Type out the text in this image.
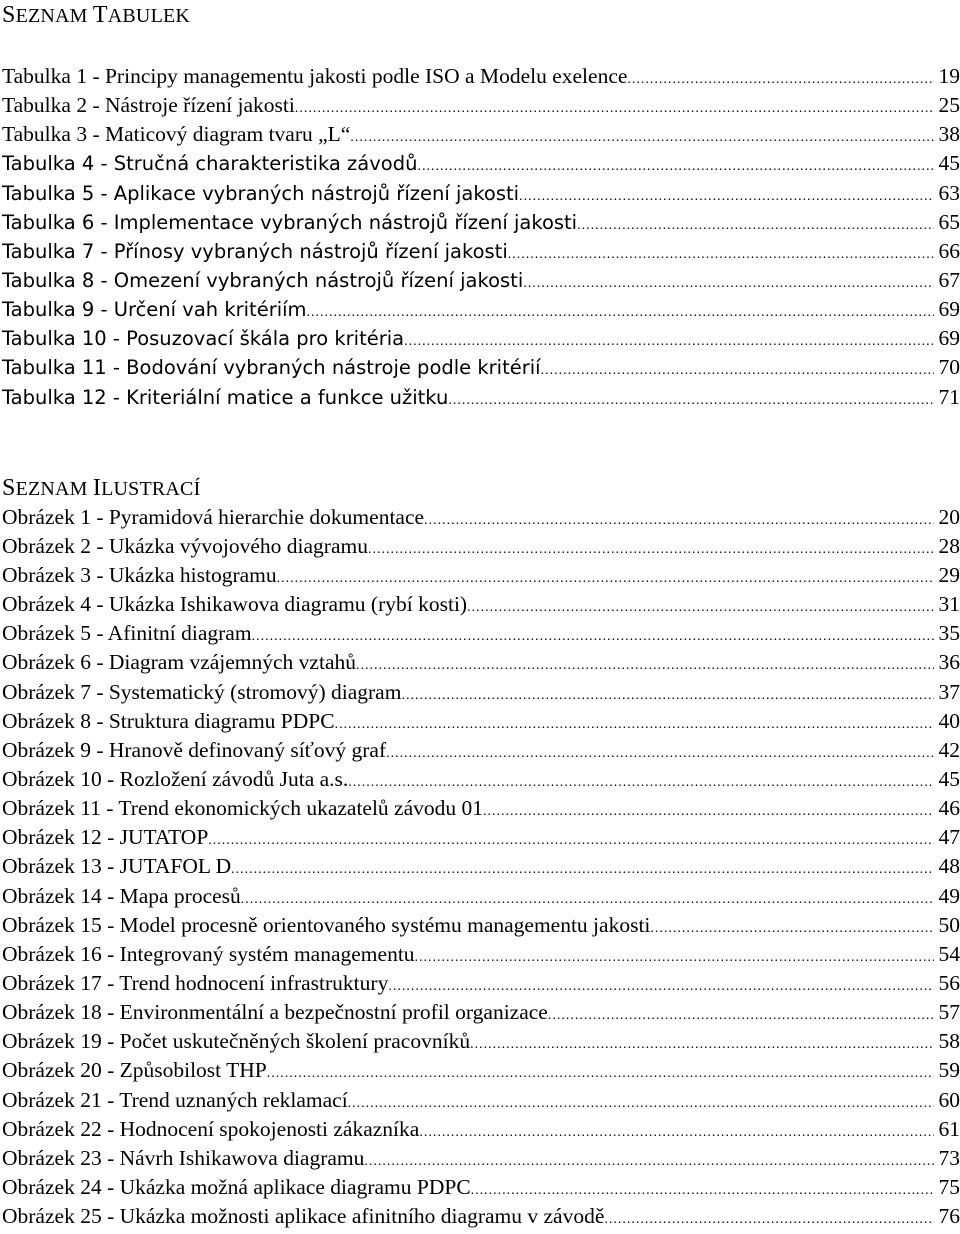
SEZNAM TABULEK
Tabulka 1 - Principy managementu jakosti podle ISO a Modelu exelence .....	19
Tabulka 2 - Nástroje řízení jakosti .....	25
Tabulka 3 - Maticový diagram tvaru „L“ .....	38
Tabulka 4 - Stručná charakteristika závodů .....	45
Tabulka 5 - Aplikace vybraných nástrojů řízení jakosti .....	63
Tabulka 6 - Implementace vybraných nástrojů řízení jakosti .....	65
Tabulka 7 - Přínosy vybraných nástrojů řízení jakosti .....	66
Tabulka 8 - Omezení vybraných nástrojů řízení jakosti .....	67
Tabulka 9 - Určení vah kritériím .....	69
Tabulka 10 - Posuzovací škála pro kritéria .....	69
Tabulka 11 - Bodování vybraných nástroje podle kritérií .....	70
Tabulka 12 - Kriteriální matice a funkce užitku .....	71
SEZNAM ILUSTRACÍ
Obrázek 1 - Pyramidová hierarchie dokumentace .....	20
Obrázek 2 - Ukázka vývojového diagramu .....	28
Obrázek 3 - Ukázka histogramu .....	29
Obrázek 4 - Ukázka Ishikawova diagramu (rybí kosti) .....	31
Obrázek 5 - Afinitní diagram .....	35
Obrázek 6 - Diagram vzájemných vztahů .....	36
Obrázek 7 - Systematický (stromový) diagram .....	37
Obrázek 8 - Struktura diagramu PDPC .....	40
Obrázek 9 - Hranově definovaný síťový graf .....	42
Obrázek 10 - Rozložení závodů Juta a.s. .....	45
Obrázek 11 - Trend ekonomických ukazatelů závodu 01 .....	46
Obrázek 12 - JUTATOP .....	47
Obrázek 13 - JUTAFOL D .....	48
Obrázek 14 - Mapa procesů .....	49
Obrázek 15 - Model procesně orientovaného systému managementu jakosti .....	50
Obrázek 16 - Integrovaný systém managementu .....	54
Obrázek 17 - Trend hodnocení infrastruktury .....	56
Obrázek 18 - Environmentální a bezpečnostní profil organizace .....	57
Obrázek 19 - Počet uskutečněných školení pracovníků .....	58
Obrázek 20 - Způsobilost THP .....	59
Obrázek 21 - Trend uznaných reklamací .....	60
Obrázek 22 - Hodnocení spokojenosti zákazníka .....	61
Obrázek 23 - Návrh Ishikawova diagramu .....	73
Obrázek 24 - Ukázka možná aplikace diagramu PDPC .....	75
Obrázek 25 - Ukázka možnosti aplikace afinitního diagramu v závodě .....	76
